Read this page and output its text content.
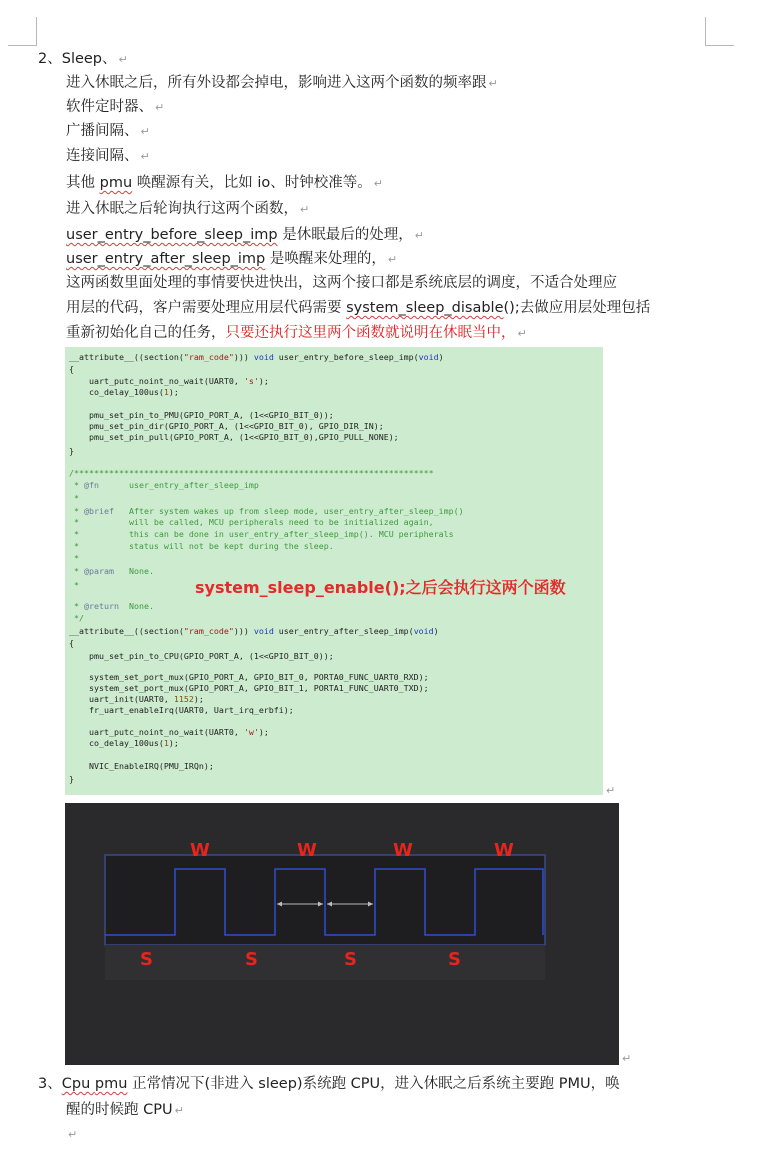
2、Sleep、 ↵
进入休眠之后，所有外设都会掉电，影响进入这两个函数的频率跟 ↵
软件定时器、 ↵
广播间隔、 ↵
连接间隔、 ↵
其他 pmu 唤醒源有关，比如 io、时钟校准等。 ↵
进入休眠之后轮询执行这两个函数， ↵
user_entry_before_sleep_imp 是休眠最后的处理， ↵
user_entry_after_sleep_imp 是唤醒来处理的， ↵
这两函数里面处理的事情要快进快出，这两个接口都是系统底层的调度，不适合处理应
用层的代码，客户需要处理应用层代码需要 system_sleep_disable();去做应用层处理包括
重新初始化自己的任务，只要还执行这里两个函数就说明在休眠当中， ↵
__attribute__((section("ram_code"))) void user_entry_before_sleep_imp(void)
{
uart_putc_noint_no_wait(UART0, 's');
co_delay_100us(1);
pmu_set_pin_to_PMU(GPIO_PORT_A, (1<<GPIO_BIT_0));
pmu_set_pin_dir(GPIO_PORT_A, (1<<GPIO_BIT_0), GPIO_DIR_IN);
pmu_set_pin_pull(GPIO_PORT_A, (1<<GPIO_BIT_0),GPIO_PULL_NONE);
}
/************************************************************************
* @fn      user_entry_after_sleep_imp
*
* @brief   After system wakes up from sleep mode, user_entry_after_sleep_imp()
*          will be called, MCU peripherals need to be initialized again,
*          this can be done in user_entry_after_sleep_imp(). MCU peripherals
*          status will not be kept during the sleep.
*
* @param   None.
*
* @return  None.
*/
__attribute__((section("ram_code"))) void user_entry_after_sleep_imp(void)
{
pmu_set_pin_to_CPU(GPIO_PORT_A, (1<<GPIO_BIT_0));
system_set_port_mux(GPIO_PORT_A, GPIO_BIT_0, PORTA0_FUNC_UART0_RXD);
system_set_port_mux(GPIO_PORT_A, GPIO_BIT_1, PORTA1_FUNC_UART0_TXD);
uart_init(UART0, 1152);
fr_uart_enableIrq(UART0, Uart_irq_erbfi);
uart_putc_noint_no_wait(UART0, 'w');
co_delay_100us(1);
NVIC_EnableIRQ(PMU_IRQn);
}
system_sleep_enable();之后会执行这两个函数
↵
W	W	W	W
S	S	S	S
↵
3、Cpu pmu 正常情况下(非进入 sleep)系统跑 CPU，进入休眠之后系统主要跑 PMU，唤
醒的时候跑 CPU ↵
↵
